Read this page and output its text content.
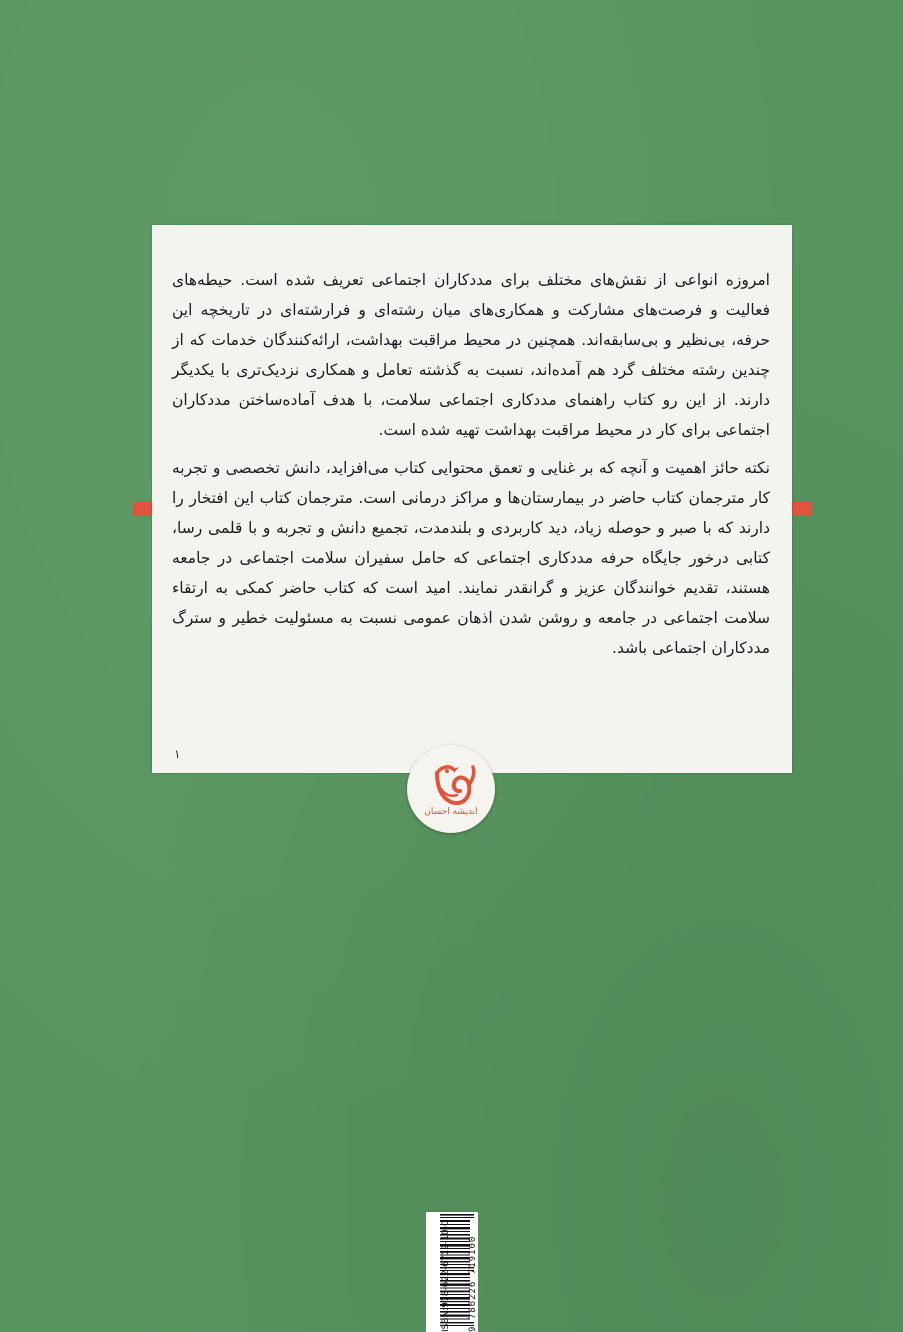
امروزه انواعی از نقش‌های مختلف برای مددکاران اجتماعی تعریف شده است. حیطه‌های فعالیت و فرصت‌های مشارکت و همکاری‌های میان رشته‌ای و فرارشته‌ای در تاریخچه این حرفه، بی‌نظیر و بی‌سابقه‌اند. همچنین در محیط مراقبت بهداشت، ارائه‌کنندگان خدمات که از چندین رشته مختلف گرد هم آمده‌اند، نسبت به گذشته تعامل و همکاری نزدیک‌تری با یکدیگر دارند. از این رو کتاب راهنمای مددکاری اجتماعی سلامت، با هدف آماده‌ساختن مددکاران اجتماعی برای کار در محیط مراقبت بهداشت تهیه شده است.

نکته حائز اهمیت و آنچه که بر غنایی و تعمق محتوایی کتاب می‌افزاید، دانش تخصصی و تجربه کار مترجمان کتاب حاضر در بیمارستان‌ها و مراکز درمانی است. مترجمان کتاب این افتخار را دارند که با صبر و حوصله زیاد، دید کاربردی و بلندمدت، تجمیع دانش و تجربه و با قلمی رسا، کتابی درخور جایگاه حرفه مددکاری اجتماعی که حامل سفیران سلامت اجتماعی در جامعه هستند، تقدیم خوانندگان عزیز و گرانقدر نمایند. امید است که کتاب حاضر کمکی به ارتقاء سلامت اجتماعی در جامعه و روشن شدن اذهان عمومی نسبت به مسئولیت خطیر و سترگ مددکاران اجتماعی باشد.

۱
اندیشه احسان
ISBN:978-622-6719-10-0 9 786226 719100
